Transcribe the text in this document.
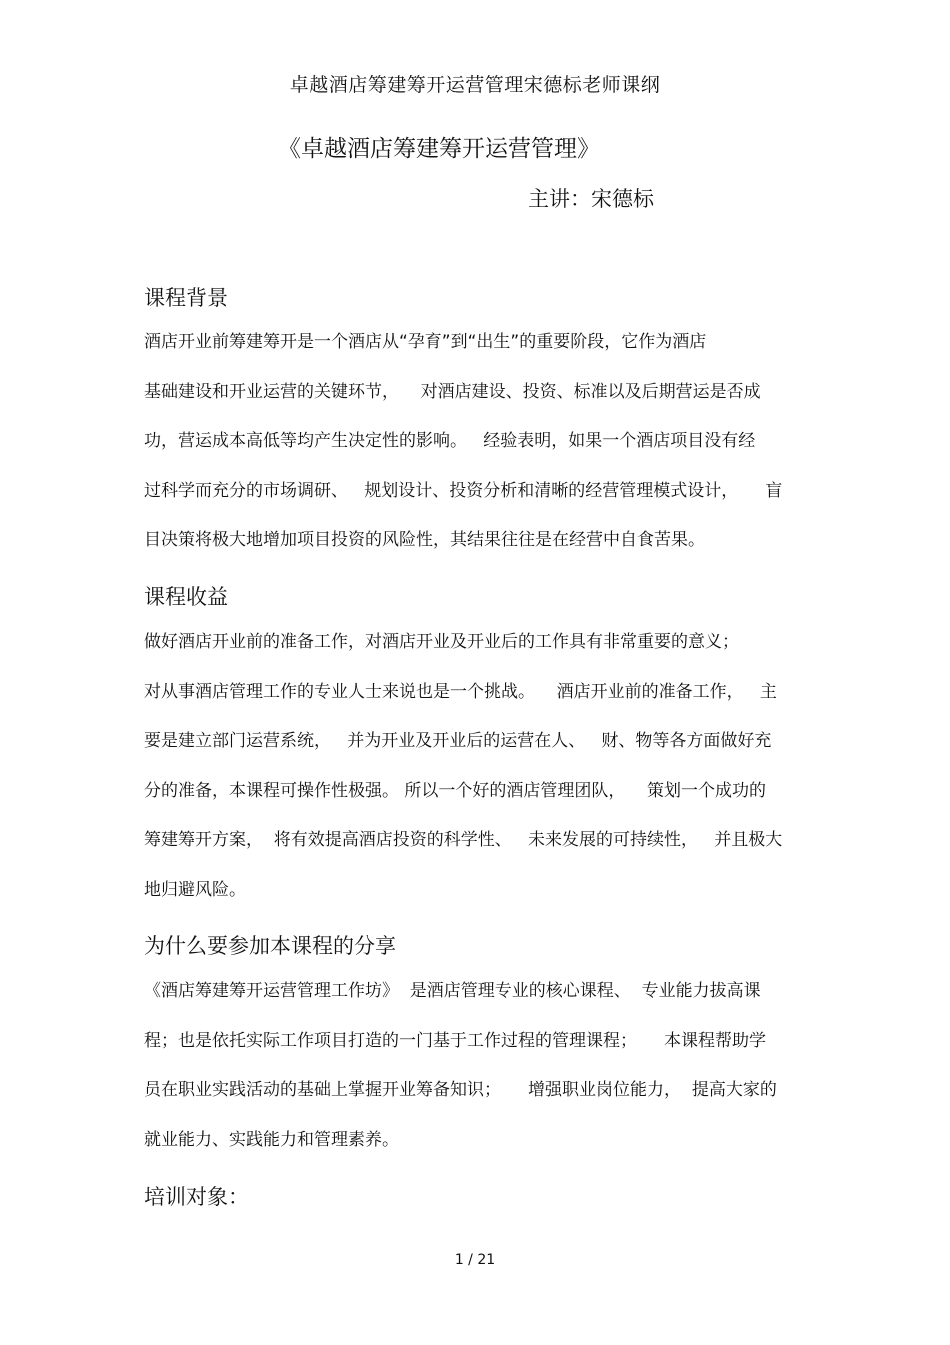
卓越酒店筹建筹开运营管理宋德标老师课纲
《卓越酒店筹建筹开运营管理》
主讲：宋德标
课程背景
酒店开业前筹建筹开是一个酒店从“孕育”到“出生”的重要阶段，它作为酒店
基础建设和开业运营的关键环节，    对酒店建设、投资、标准以及后期营运是否成
功，营运成本高低等均产生决定性的影响。   经验表明，如果一个酒店项目没有经
过科学而充分的市场调研、   规划设计、投资分析和清晰的经营管理模式设计，     盲
目决策将极大地增加项目投资的风险性，其结果往往是在经营中自食苦果。
课程收益
做好酒店开业前的准备工作，对酒店开业及开业后的工作具有非常重要的意义；
对从事酒店管理工作的专业人士来说也是一个挑战。    酒店开业前的准备工作，   主
要是建立部门运营系统，   并为开业及开业后的运营在人、   财、物等各方面做好充
分的准备，本课程可操作性极强。 所以一个好的酒店管理团队，    策划一个成功的
筹建筹开方案，  将有效提高酒店投资的科学性、   未来发展的可持续性，   并且极大
地归避风险。
为什么要参加本课程的分享
《酒店筹建筹开运营管理工作坊》  是酒店管理专业的核心课程、  专业能力拔高课
程；也是依托实际工作项目打造的一门基于工作过程的管理课程；     本课程帮助学
员在职业实践活动的基础上掌握开业筹备知识；     增强职业岗位能力，  提高大家的
就业能力、实践能力和管理素养。
培训对象：
1 / 21
